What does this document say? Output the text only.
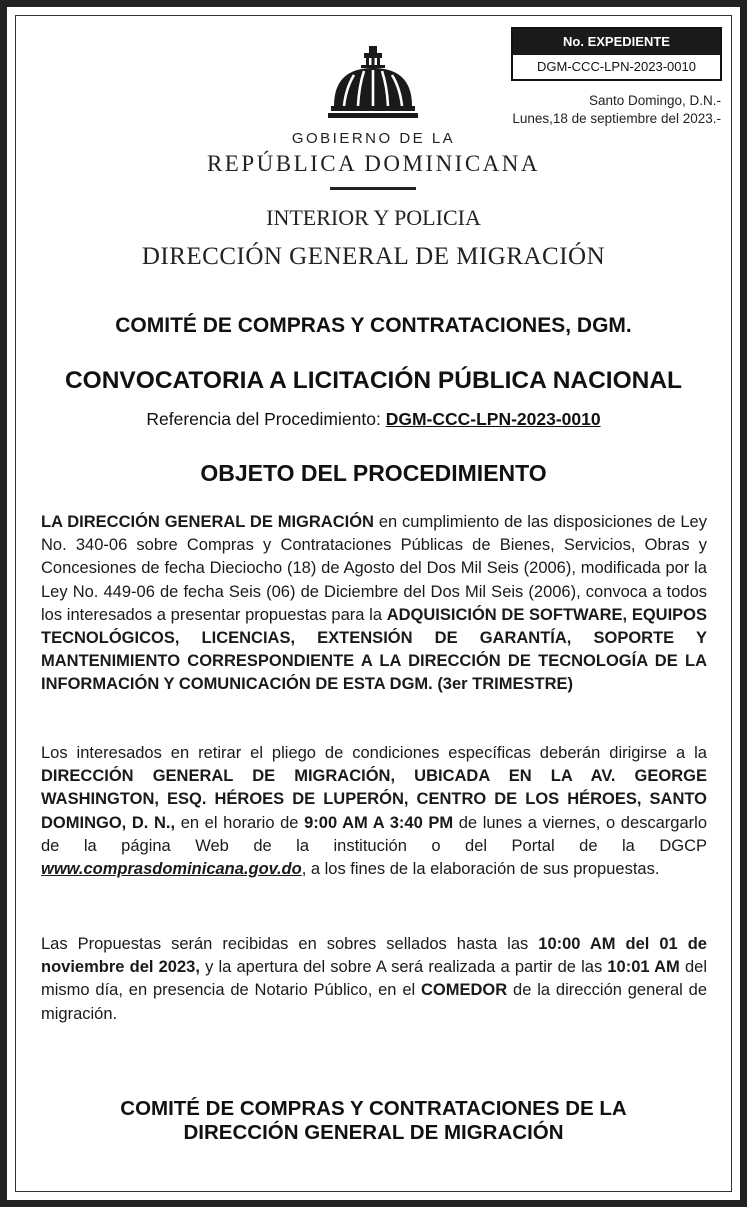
No. EXPEDIENTE
DGM-CCC-LPN-2023-0010
Santo Domingo, D.N.-
Lunes,18 de septiembre del 2023.-
GOBIERNO DE LA
REPÚBLICA DOMINICANA
INTERIOR Y POLICIA
DIRECCIÓN GENERAL DE MIGRACIÓN
COMITÉ DE COMPRAS Y CONTRATACIONES, DGM.
CONVOCATORIA A LICITACIÓN PÚBLICA NACIONAL
Referencia del Procedimiento: DGM-CCC-LPN-2023-0010
OBJETO DEL PROCEDIMIENTO
LA DIRECCIÓN GENERAL DE MIGRACIÓN en cumplimiento de las disposiciones de Ley No. 340-06 sobre Compras y Contrataciones Públicas de Bienes, Servicios, Obras y Concesiones de fecha Dieciocho (18) de Agosto del Dos Mil Seis (2006), modificada por la Ley No. 449-06 de fecha Seis (06) de Diciembre del Dos Mil Seis (2006), convoca a todos los interesados a presentar propuestas para la ADQUISICIÓN DE SOFTWARE, EQUIPOS TECNOLÓGICOS, LICENCIAS, EXTENSIÓN DE GARANTÍA, SOPORTE Y MANTENIMIENTO CORRESPONDIENTE A LA DIRECCIÓN DE TECNOLOGÍA DE LA INFORMACIÓN Y COMUNICACIÓN DE ESTA DGM. (3er TRIMESTRE)
Los interesados en retirar el pliego de condiciones específicas deberán dirigirse a la DIRECCIÓN GENERAL DE MIGRACIÓN, UBICADA EN LA AV. GEORGE WASHINGTON, ESQ. HÉROES DE LUPERÓN, CENTRO DE LOS HÉROES, SANTO DOMINGO, D. N., en el horario de 9:00 AM A 3:40 PM de lunes a viernes, o descargarlo de la página Web de la institución o del Portal de la DGCP www.comprasdominicana.gov.do, a los fines de la elaboración de sus propuestas.
Las Propuestas serán recibidas en sobres sellados hasta las 10:00 AM del 01 de noviembre del 2023, y la apertura del sobre A será realizada a partir de las 10:01 AM del mismo día, en presencia de Notario Público, en el COMEDOR de la dirección general de migración.
COMITÉ DE COMPRAS Y CONTRATACIONES DE LA
DIRECCIÓN GENERAL DE MIGRACIÓN
